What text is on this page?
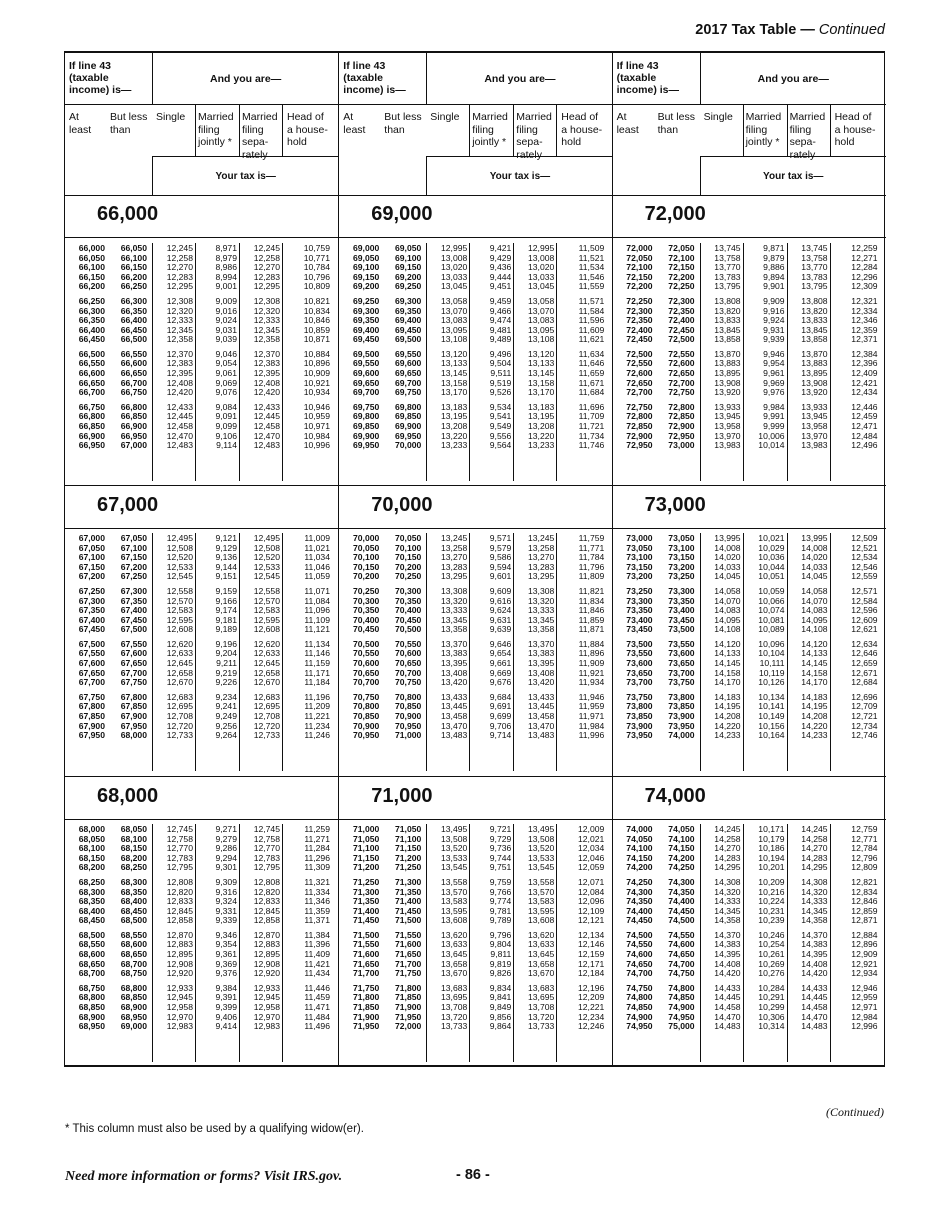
2017 Tax Table — Continued
If line 43 (taxable income) is—
And you are—
At least
But less than
Single	Married filing jointly *
Married filing sepa- rately
Head of a house- hold
Your tax is—
66,000
66,000	66,050	12,245	8,971	12,245	10,759
66,050	66,100	12,258	8,979	12,258	10,771
66,100	66,150	12,270	8,986	12,270	10,784
66,150	66,200	12,283	8,994	12,283	10,796
66,200	66,250	12,295	9,001	12,295	10,809
66,250	66,300	12,308	9,009	12,308	10,821
66,300	66,350	12,320	9,016	12,320	10,834
66,350	66,400	12,333	9,024	12,333	10,846
66,400	66,450	12,345	9,031	12,345	10,859
66,450	66,500	12,358	9,039	12,358	10,871
66,500	66,550	12,370	9,046	12,370	10,884
66,550	66,600	12,383	9,054	12,383	10,896
66,600	66,650	12,395	9,061	12,395	10,909
66,650	66,700	12,408	9,069	12,408	10,921
66,700	66,750	12,420	9,076	12,420	10,934
66,750	66,800	12,433	9,084	12,433	10,946
66,800	66,850	12,445	9,091	12,445	10,959
66,850	66,900	12,458	9,099	12,458	10,971
66,900	66,950	12,470	9,106	12,470	10,984
66,950	67,000	12,483	9,114	12,483	10,996
67,000
67,000	67,050	12,495	9,121	12,495	11,009
67,050	67,100	12,508	9,129	12,508	11,021
67,100	67,150	12,520	9,136	12,520	11,034
67,150	67,200	12,533	9,144	12,533	11,046
67,200	67,250	12,545	9,151	12,545	11,059
67,250	67,300	12,558	9,159	12,558	11,071
67,300	67,350	12,570	9,166	12,570	11,084
67,350	67,400	12,583	9,174	12,583	11,096
67,400	67,450	12,595	9,181	12,595	11,109
67,450	67,500	12,608	9,189	12,608	11,121
67,500	67,550	12,620	9,196	12,620	11,134
67,550	67,600	12,633	9,204	12,633	11,146
67,600	67,650	12,645	9,211	12,645	11,159
67,650	67,700	12,658	9,219	12,658	11,171
67,700	67,750	12,670	9,226	12,670	11,184
67,750	67,800	12,683	9,234	12,683	11,196
67,800	67,850	12,695	9,241	12,695	11,209
67,850	67,900	12,708	9,249	12,708	11,221
67,900	67,950	12,720	9,256	12,720	11,234
67,950	68,000	12,733	9,264	12,733	11,246
68,000
68,000	68,050	12,745	9,271	12,745	11,259
68,050	68,100	12,758	9,279	12,758	11,271
68,100	68,150	12,770	9,286	12,770	11,284
68,150	68,200	12,783	9,294	12,783	11,296
68,200	68,250	12,795	9,301	12,795	11,309
68,250	68,300	12,808	9,309	12,808	11,321
68,300	68,350	12,820	9,316	12,820	11,334
68,350	68,400	12,833	9,324	12,833	11,346
68,400	68,450	12,845	9,331	12,845	11,359
68,450	68,500	12,858	9,339	12,858	11,371
68,500	68,550	12,870	9,346	12,870	11,384
68,550	68,600	12,883	9,354	12,883	11,396
68,600	68,650	12,895	9,361	12,895	11,409
68,650	68,700	12,908	9,369	12,908	11,421
68,700	68,750	12,920	9,376	12,920	11,434
68,750	68,800	12,933	9,384	12,933	11,446
68,800	68,850	12,945	9,391	12,945	11,459
68,850	68,900	12,958	9,399	12,958	11,471
68,900	68,950	12,970	9,406	12,970	11,484
68,950	69,000	12,983	9,414	12,983	11,496
If line 43 (taxable income) is—
And you are—
At least
But less than
Single	Married filing jointly *
Married filing sepa- rately
Head of a house- hold
Your tax is—
69,000
69,000	69,050	12,995	9,421	12,995	11,509
69,050	69,100	13,008	9,429	13,008	11,521
69,100	69,150	13,020	9,436	13,020	11,534
69,150	69,200	13,033	9,444	13,033	11,546
69,200	69,250	13,045	9,451	13,045	11,559
69,250	69,300	13,058	9,459	13,058	11,571
69,300	69,350	13,070	9,466	13,070	11,584
69,350	69,400	13,083	9,474	13,083	11,596
69,400	69,450	13,095	9,481	13,095	11,609
69,450	69,500	13,108	9,489	13,108	11,621
69,500	69,550	13,120	9,496	13,120	11,634
69,550	69,600	13,133	9,504	13,133	11,646
69,600	69,650	13,145	9,511	13,145	11,659
69,650	69,700	13,158	9,519	13,158	11,671
69,700	69,750	13,170	9,526	13,170	11,684
69,750	69,800	13,183	9,534	13,183	11,696
69,800	69,850	13,195	9,541	13,195	11,709
69,850	69,900	13,208	9,549	13,208	11,721
69,900	69,950	13,220	9,556	13,220	11,734
69,950	70,000	13,233	9,564	13,233	11,746
70,000
70,000	70,050	13,245	9,571	13,245	11,759
70,050	70,100	13,258	9,579	13,258	11,771
70,100	70,150	13,270	9,586	13,270	11,784
70,150	70,200	13,283	9,594	13,283	11,796
70,200	70,250	13,295	9,601	13,295	11,809
70,250	70,300	13,308	9,609	13,308	11,821
70,300	70,350	13,320	9,616	13,320	11,834
70,350	70,400	13,333	9,624	13,333	11,846
70,400	70,450	13,345	9,631	13,345	11,859
70,450	70,500	13,358	9,639	13,358	11,871
70,500	70,550	13,370	9,646	13,370	11,884
70,550	70,600	13,383	9,654	13,383	11,896
70,600	70,650	13,395	9,661	13,395	11,909
70,650	70,700	13,408	9,669	13,408	11,921
70,700	70,750	13,420	9,676	13,420	11,934
70,750	70,800	13,433	9,684	13,433	11,946
70,800	70,850	13,445	9,691	13,445	11,959
70,850	70,900	13,458	9,699	13,458	11,971
70,900	70,950	13,470	9,706	13,470	11,984
70,950	71,000	13,483	9,714	13,483	11,996
71,000
71,000	71,050	13,495	9,721	13,495	12,009
71,050	71,100	13,508	9,729	13,508	12,021
71,100	71,150	13,520	9,736	13,520	12,034
71,150	71,200	13,533	9,744	13,533	12,046
71,200	71,250	13,545	9,751	13,545	12,059
71,250	71,300	13,558	9,759	13,558	12,071
71,300	71,350	13,570	9,766	13,570	12,084
71,350	71,400	13,583	9,774	13,583	12,096
71,400	71,450	13,595	9,781	13,595	12,109
71,450	71,500	13,608	9,789	13,608	12,121
71,500	71,550	13,620	9,796	13,620	12,134
71,550	71,600	13,633	9,804	13,633	12,146
71,600	71,650	13,645	9,811	13,645	12,159
71,650	71,700	13,658	9,819	13,658	12,171
71,700	71,750	13,670	9,826	13,670	12,184
71,750	71,800	13,683	9,834	13,683	12,196
71,800	71,850	13,695	9,841	13,695	12,209
71,850	71,900	13,708	9,849	13,708	12,221
71,900	71,950	13,720	9,856	13,720	12,234
71,950	72,000	13,733	9,864	13,733	12,246
If line 43 (taxable income) is—
And you are—
At least
But less than
Single	Married filing jointly *
Married filing sepa- rately
Head of a house- hold
Your tax is—
72,000
72,000	72,050	13,745	9,871	13,745	12,259
72,050	72,100	13,758	9,879	13,758	12,271
72,100	72,150	13,770	9,886	13,770	12,284
72,150	72,200	13,783	9,894	13,783	12,296
72,200	72,250	13,795	9,901	13,795	12,309
72,250	72,300	13,808	9,909	13,808	12,321
72,300	72,350	13,820	9,916	13,820	12,334
72,350	72,400	13,833	9,924	13,833	12,346
72,400	72,450	13,845	9,931	13,845	12,359
72,450	72,500	13,858	9,939	13,858	12,371
72,500	72,550	13,870	9,946	13,870	12,384
72,550	72,600	13,883	9,954	13,883	12,396
72,600	72,650	13,895	9,961	13,895	12,409
72,650	72,700	13,908	9,969	13,908	12,421
72,700	72,750	13,920	9,976	13,920	12,434
72,750	72,800	13,933	9,984	13,933	12,446
72,800	72,850	13,945	9,991	13,945	12,459
72,850	72,900	13,958	9,999	13,958	12,471
72,900	72,950	13,970	10,006	13,970	12,484
72,950	73,000	13,983	10,014	13,983	12,496
73,000
73,000	73,050	13,995	10,021	13,995	12,509
73,050	73,100	14,008	10,029	14,008	12,521
73,100	73,150	14,020	10,036	14,020	12,534
73,150	73,200	14,033	10,044	14,033	12,546
73,200	73,250	14,045	10,051	14,045	12,559
73,250	73,300	14,058	10,059	14,058	12,571
73,300	73,350	14,070	10,066	14,070	12,584
73,350	73,400	14,083	10,074	14,083	12,596
73,400	73,450	14,095	10,081	14,095	12,609
73,450	73,500	14,108	10,089	14,108	12,621
73,500	73,550	14,120	10,096	14,120	12,634
73,550	73,600	14,133	10,104	14,133	12,646
73,600	73,650	14,145	10,111	14,145	12,659
73,650	73,700	14,158	10,119	14,158	12,671
73,700	73,750	14,170	10,126	14,170	12,684
73,750	73,800	14,183	10,134	14,183	12,696
73,800	73,850	14,195	10,141	14,195	12,709
73,850	73,900	14,208	10,149	14,208	12,721
73,900	73,950	14,220	10,156	14,220	12,734
73,950	74,000	14,233	10,164	14,233	12,746
74,000
74,000	74,050	14,245	10,171	14,245	12,759
74,050	74,100	14,258	10,179	14,258	12,771
74,100	74,150	14,270	10,186	14,270	12,784
74,150	74,200	14,283	10,194	14,283	12,796
74,200	74,250	14,295	10,201	14,295	12,809
74,250	74,300	14,308	10,209	14,308	12,821
74,300	74,350	14,320	10,216	14,320	12,834
74,350	74,400	14,333	10,224	14,333	12,846
74,400	74,450	14,345	10,231	14,345	12,859
74,450	74,500	14,358	10,239	14,358	12,871
74,500	74,550	14,370	10,246	14,370	12,884
74,550	74,600	14,383	10,254	14,383	12,896
74,600	74,650	14,395	10,261	14,395	12,909
74,650	74,700	14,408	10,269	14,408	12,921
74,700	74,750	14,420	10,276	14,420	12,934
74,750	74,800	14,433	10,284	14,433	12,946
74,800	74,850	14,445	10,291	14,445	12,959
74,850	74,900	14,458	10,299	14,458	12,971
74,900	74,950	14,470	10,306	14,470	12,984
74,950	75,000	14,483	10,314	14,483	12,996
(Continued)
* This column must also be used by a qualifying widow(er).
Need more information or forms? Visit IRS.gov.	- 86 -
